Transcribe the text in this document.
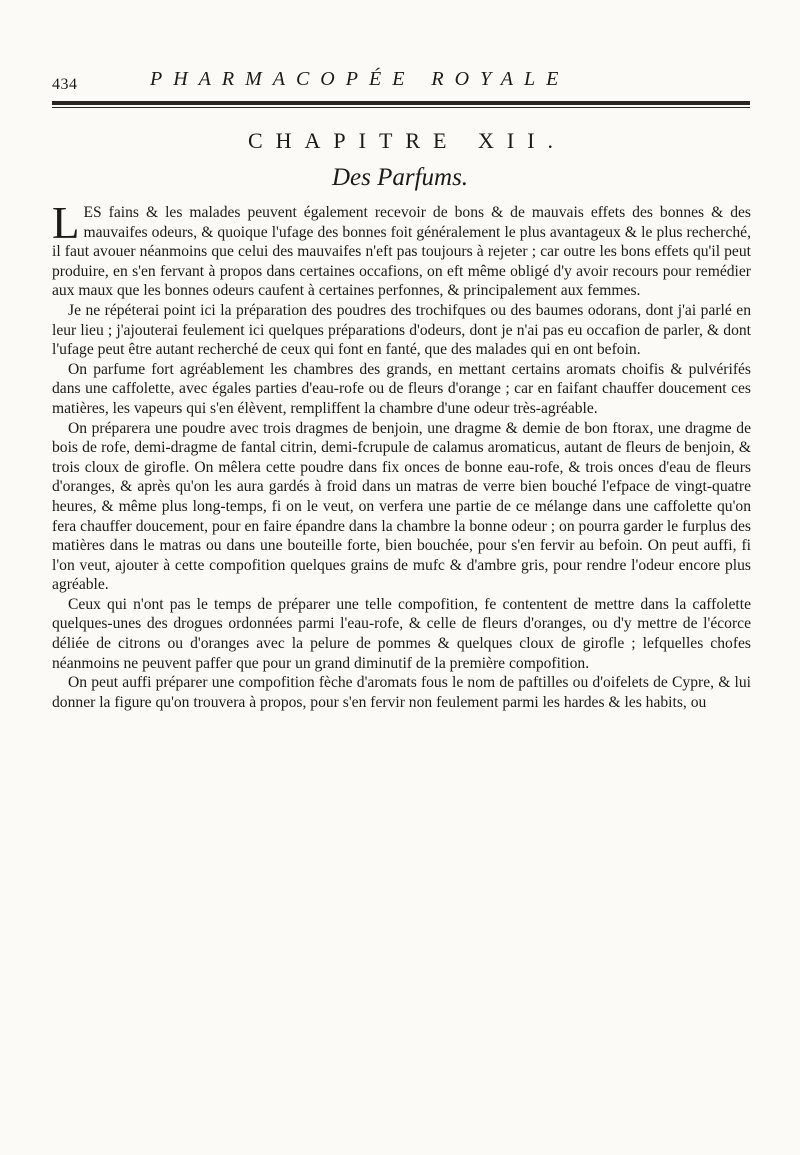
434	PHARMACOPÉE ROYALE
CHAPITRE XII.
Des Parfums.

LES fains & les malades peuvent également recevoir de bons & de mauvais effets des bonnes & des mauvaifes odeurs, & quoique l'ufage des bonnes foit généralement le plus avantageux & le plus recherché, il faut avouer néanmoins que celui des mauvaifes n'eft pas toujours à rejeter ; car outre les bons effets qu'il peut produire, en s'en fervant à propos dans certaines occafions, on eft même obligé d'y avoir recours pour remédier aux maux que les bonnes odeurs caufent à certaines perfonnes, & principalement aux femmes.

Je ne répéterai point ici la préparation des poudres des trochifques ou des baumes odorans, dont j'ai parlé en leur lieu ; j'ajouterai feulement ici quelques préparations d'odeurs, dont je n'ai pas eu occafion de parler, & dont l'ufage peut être autant recherché de ceux qui font en fanté, que des malades qui en ont befoin.

On parfume fort agréablement les chambres des grands, en mettant certains aromats choifis & pulvérifés dans une caffolette, avec égales parties d'eau-rofe ou de fleurs d'orange ; car en faifant chauffer doucement ces matières, les vapeurs qui s'en élèvent, rempliffent la chambre d'une odeur très-agréable.

On préparera une poudre avec trois dragmes de benjoin, une dragme & demie de bon ftorax, une dragme de bois de rofe, demi-dragme de fantal citrin, demi-fcrupule de calamus aromaticus, autant de fleurs de benjoin, & trois cloux de girofle. On mêlera cette poudre dans fix onces de bonne eau-rofe, & trois onces d'eau de fleurs d'oranges, & après qu'on les aura gardés à froid dans un matras de verre bien bouché l'efpace de vingt-quatre heures, & même plus long-temps, fi on le veut, on verfera une partie de ce mélange dans une caffolette qu'on fera chauffer doucement, pour en faire épandre dans la chambre la bonne odeur ; on pourra garder le furplus des matières dans le matras ou dans une bouteille forte, bien bouchée, pour s'en fervir au befoin. On peut auffi, fi l'on veut, ajouter à cette compofition quelques grains de mufc & d'ambre gris, pour rendre l'odeur encore plus agréable.

Ceux qui n'ont pas le temps de préparer une telle compofition, fe contentent de mettre dans la caffolette quelques-unes des drogues ordonnées parmi l'eau-rofe, & celle de fleurs d'oranges, ou d'y mettre de l'écorce déliée de citrons ou d'oranges avec la pelure de pommes & quelques cloux de girofle ; lefquelles chofes néanmoins ne peuvent paffer que pour un grand diminutif de la première compofition.

On peut auffi préparer une compofition fèche d'aromats fous le nom de paftilles ou d'oifelets de Cypre, & lui donner la figure qu'on trouvera à propos, pour s'en fervir non feulement parmi les hardes & les habits, ou
